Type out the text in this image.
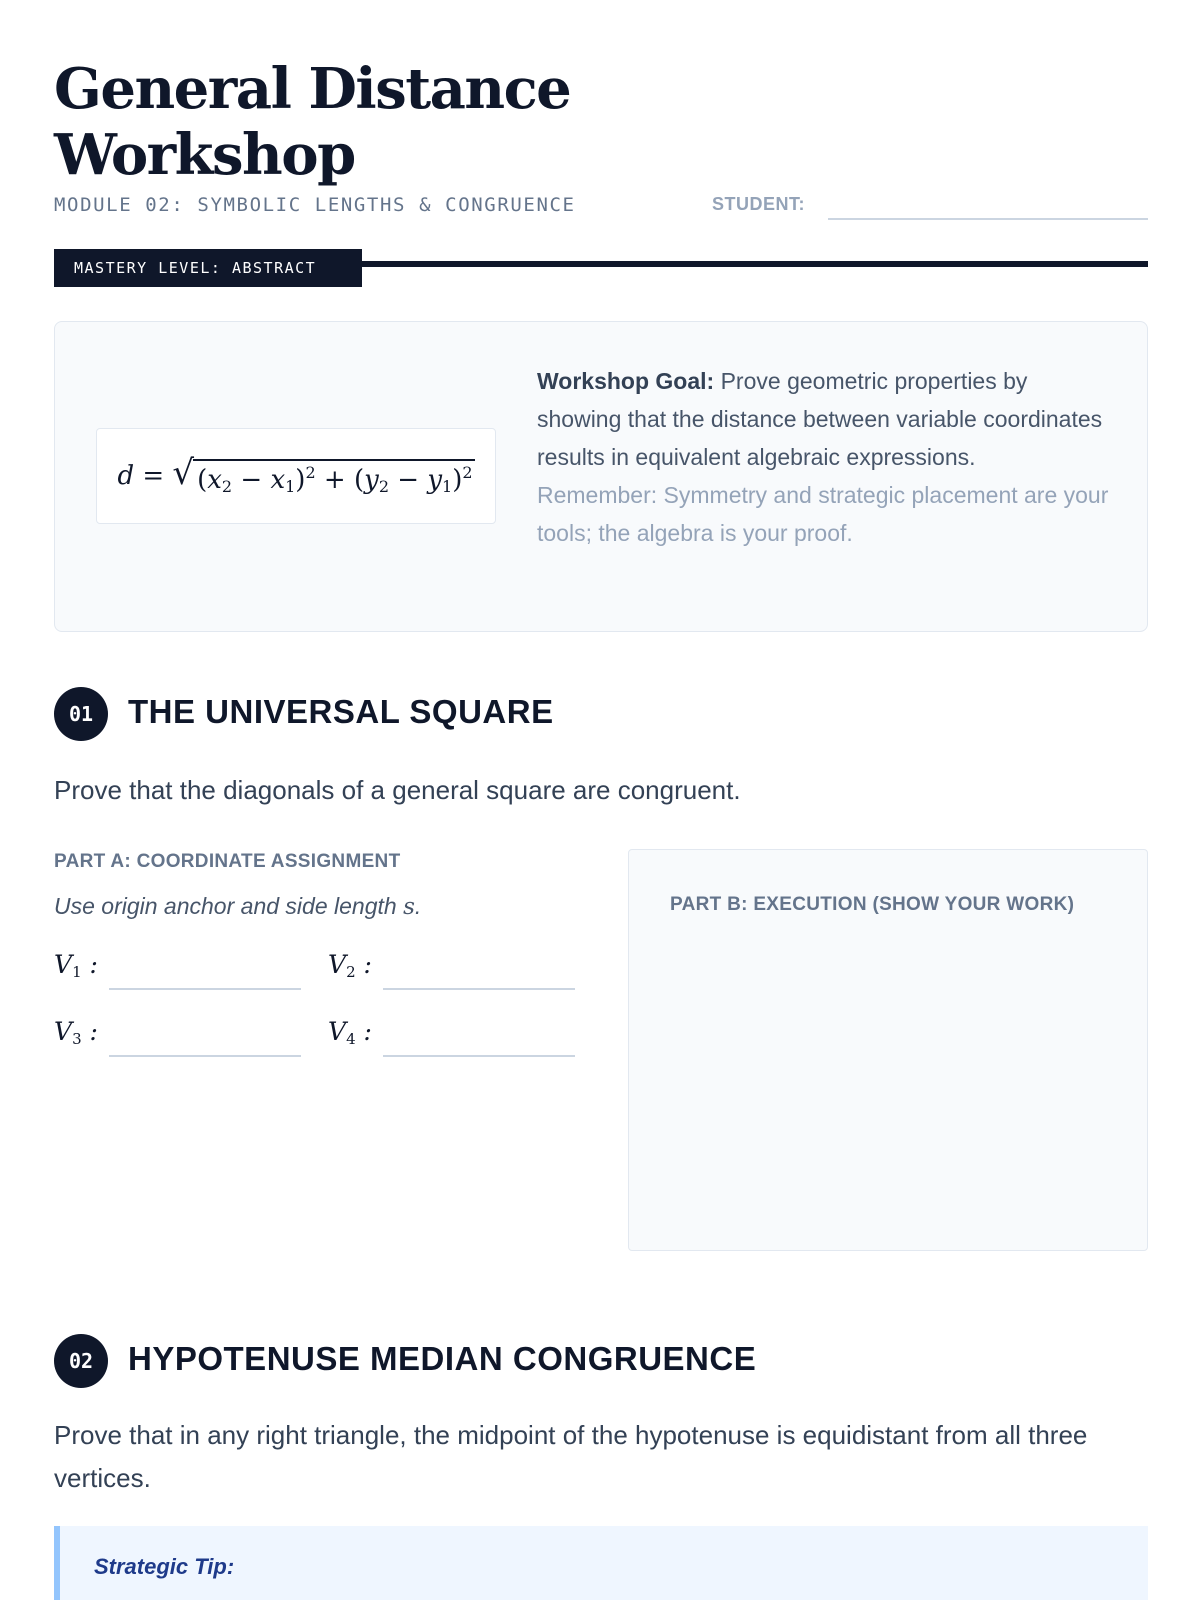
General Distance Workshop
MODULE 02: SYMBOLIC LENGTHS & CONGRUENCE	STUDENT:
MASTERY LEVEL: ABSTRACT
d = √ $(x_2 - x_1)^2 + (y_2 - y_1)^2$
Workshop Goal: Prove geometric properties by showing that the distance between variable coordinates results in equivalent algebraic expressions.
Remember: Symmetry and strategic placement are your tools; the algebra is your proof.
01	THE UNIVERSAL SQUARE
Prove that the diagonals of a general square are congruent.
PART A: COORDINATE ASSIGNMENT
Use origin anchor and side length s.
$V_1$ :	$V_2$ :
$V_3$ :	$V_4$ :
PART B: EXECUTION (SHOW YOUR WORK)
02	HYPOTENUSE MEDIAN CONGRUENCE
Prove that in any right triangle, the midpoint of the hypotenuse is equidistant from all three vertices.
Strategic Tip:
